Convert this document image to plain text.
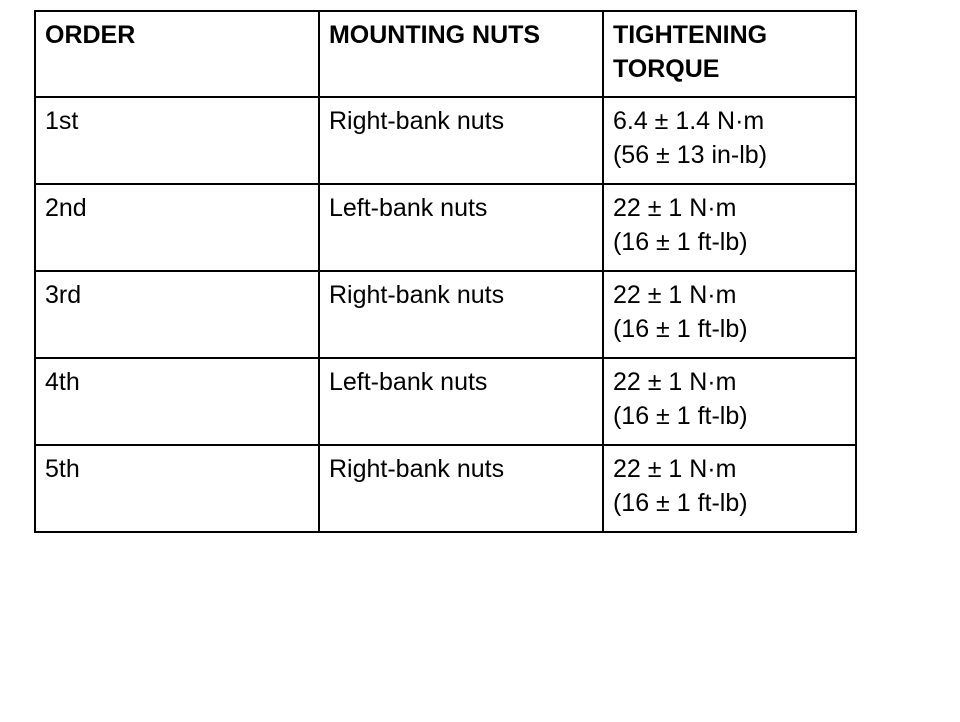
ORDER	MOUNTING NUTS	TIGHTENING
TORQUE

1st	Right-bank nuts	6.4 ± 1.4 N·m
(56 ± 13 in-lb)

2nd	Left-bank nuts	22 ± 1 N·m
(16 ± 1 ft-lb)

3rd	Right-bank nuts	22 ± 1 N·m
(16 ± 1 ft-lb)

4th	Left-bank nuts	22 ± 1 N·m
(16 ± 1 ft-lb)

5th	Right-bank nuts	22 ± 1 N·m
(16 ± 1 ft-lb)
